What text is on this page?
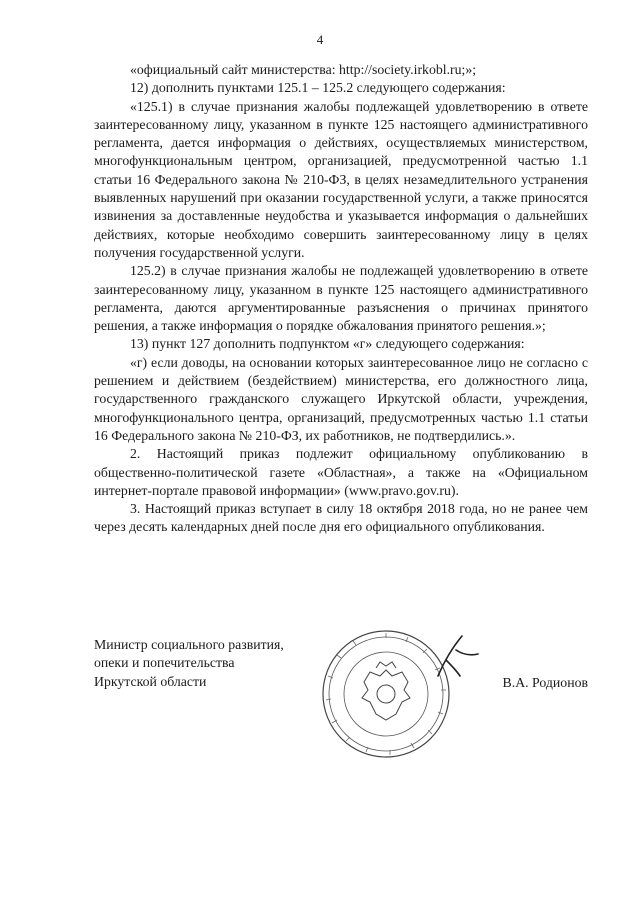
4

«официальный сайт министерства: http://society.irkobl.ru;»;

12) дополнить пунктами 125.1 – 125.2 следующего содержания:

«125.1) в случае признания жалобы подлежащей удовлетворению в ответе заинтересованному лицу, указанном в пункте 125 настоящего административного регламента, дается информация о действиях, осуществляемых министерством, многофункциональным центром, организацией, предусмотренной частью 1.1 статьи 16 Федерального закона № 210-ФЗ, в целях незамедлительного устранения выявленных нарушений при оказании государственной услуги, а также приносятся извинения за доставленные неудобства и указывается информация о дальнейших действиях, которые необходимо совершить заинтересованному лицу в целях получения государственной услуги.

125.2) в случае признания жалобы не подлежащей удовлетворению в ответе заинтересованному лицу, указанном в пункте 125 настоящего административного регламента, даются аргументированные разъяснения о причинах принятого решения, а также информация о порядке обжалования принятого решения.»;

13) пункт 127 дополнить подпунктом «г» следующего содержания:

«г) если доводы, на основании которых заинтересованное лицо не согласно с решением и действием (бездействием) министерства, его должностного лица, государственного гражданского служащего Иркутской области, учреждения, многофункционального центра, организаций, предусмотренных частью 1.1 статьи 16 Федерального закона № 210-ФЗ, их работников, не подтвердились.».

2. Настоящий приказ подлежит официальному опубликованию в общественно-политической газете «Областная», а также на «Официальном интернет-портале правовой информации» (www.pravo.gov.ru).

3. Настоящий приказ вступает в силу 18 октября 2018 года, но не ранее чем через десять календарных дней после дня его официального опубликования.

Министр социального развития,
опеки и попечительства
Иркутской области	В.А. Родионов
